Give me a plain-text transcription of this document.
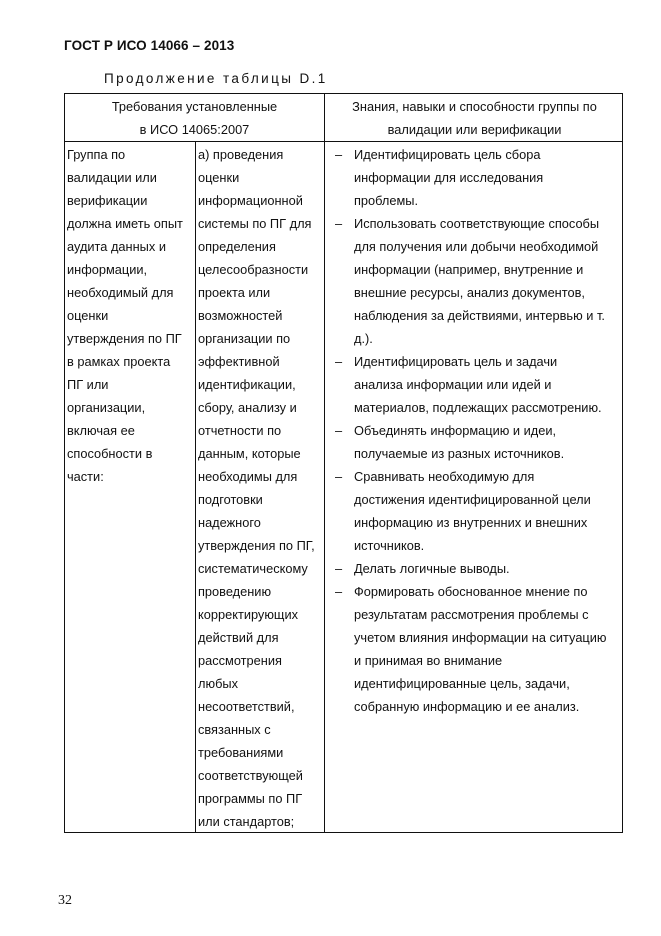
ГОСТ Р ИСО 14066 – 2013
Продолжение таблицы D.1
Требования установленные
в ИСО 14065:2007
Знания, навыки и способности группы по
валидации или верификации
Группа по
валидации или
верификации
должна иметь опыт
аудита данных и
информации,
необходимый для
оценки
утверждения по ПГ
в рамках проекта
ПГ или
организации,
включая ее
способности в
части:
а) проведения
оценки
информационной
системы по ПГ для
определения
целесообразности
проекта или
возможностей
организации по
эффективной
идентификации,
сбору, анализу и
отчетности по
данным, которые
необходимы для
подготовки
надежного
утверждения по ПГ,
систематическому
проведению
корректирующих
действий для
рассмотрения
любых
несоответствий,
связанных с
требованиями
соответствующей
программы по ПГ
или стандартов;
– Идентифицировать цель сбора
информации для исследования
проблемы.
– Использовать соответствующие способы
для получения или добычи необходимой
информации (например, внутренние и
внешние ресурсы, анализ документов,
наблюдения за действиями, интервью и т.
д.).
– Идентифицировать цель и задачи
анализа информации или идей и
материалов, подлежащих рассмотрению.
– Объединять информацию и идеи,
получаемые из разных источников.
– Сравнивать необходимую для
достижения идентифицированной цели
информацию из внутренних и внешних
источников.
– Делать логичные выводы.
– Формировать обоснованное мнение по
результатам рассмотрения проблемы с
учетом влияния информации на ситуацию
и принимая во внимание
идентифицированные цель, задачи,
собранную информацию и ее анализ.
32
